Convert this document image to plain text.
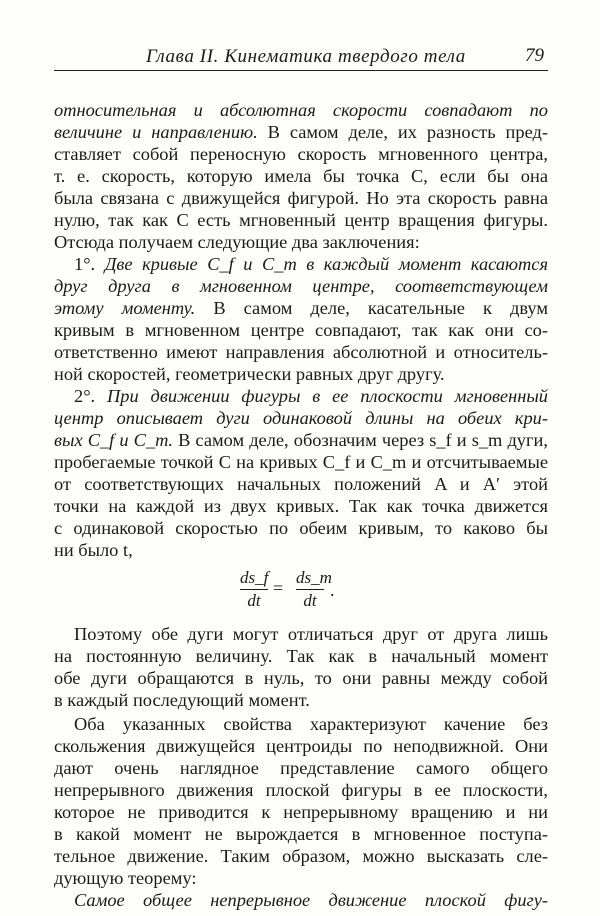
Глава II. Кинематика твердого тела	79
относительная и абсолютная скорости совпадают по
величине и направлению. В самом деле, их разность пред-
ставляет собой переносную скорость мгновенного центра,
т. е. скорость, которую имела бы точка C, если бы она
была связана с движущейся фигурой. Но эта скорость равна
нулю, так как C есть мгновенный центр вращения фигуры.
Отсюда получаем следующие два заключения:
1°. Две кривые C_f и C_m в каждый момент касаются
друг друга в мгновенном центре, соответствующем
этому моменту. В самом деле, касательные к двум
кривым в мгновенном центре совпадают, так как они со-
ответственно имеют направления абсолютной и относитель-
ной скоростей, геометрически равных друг другу.
2°. При движении фигуры в ее плоскости мгновенный
центр описывает дуги одинаковой длины на обеих кри-
вых C_f и C_m. В самом деле, обозначим через s_f и s_m дуги,
пробегаемые точкой C на кривых C_f и C_m и отсчитываемые
от соответствующих начальных положений A и A′ этой
точки на каждой из двух кривых. Так как точка движется
с одинаковой скоростью по обеим кривым, то каково бы
ни было t,
ds_f
dt
=
ds_m
dt
.
Поэтому обе дуги могут отличаться друг от друга лишь
на постоянную величину. Так как в начальный момент
обе дуги обращаются в нуль, то они равны между собой
в каждый последующий момент.
Оба указанных свойства характеризуют качение без
скольжения движущейся центроиды по неподвижной. Они
дают очень наглядное представление самого общего
непрерывного движения плоской фигуры в ее плоскости,
которое не приводится к непрерывному вращению и ни
в какой момент не вырождается в мгновенное поступа-
тельное движение. Таким образом, можно высказать сле-
дующую теорему:
Самое общее непрерывное движение плоской фигу-
